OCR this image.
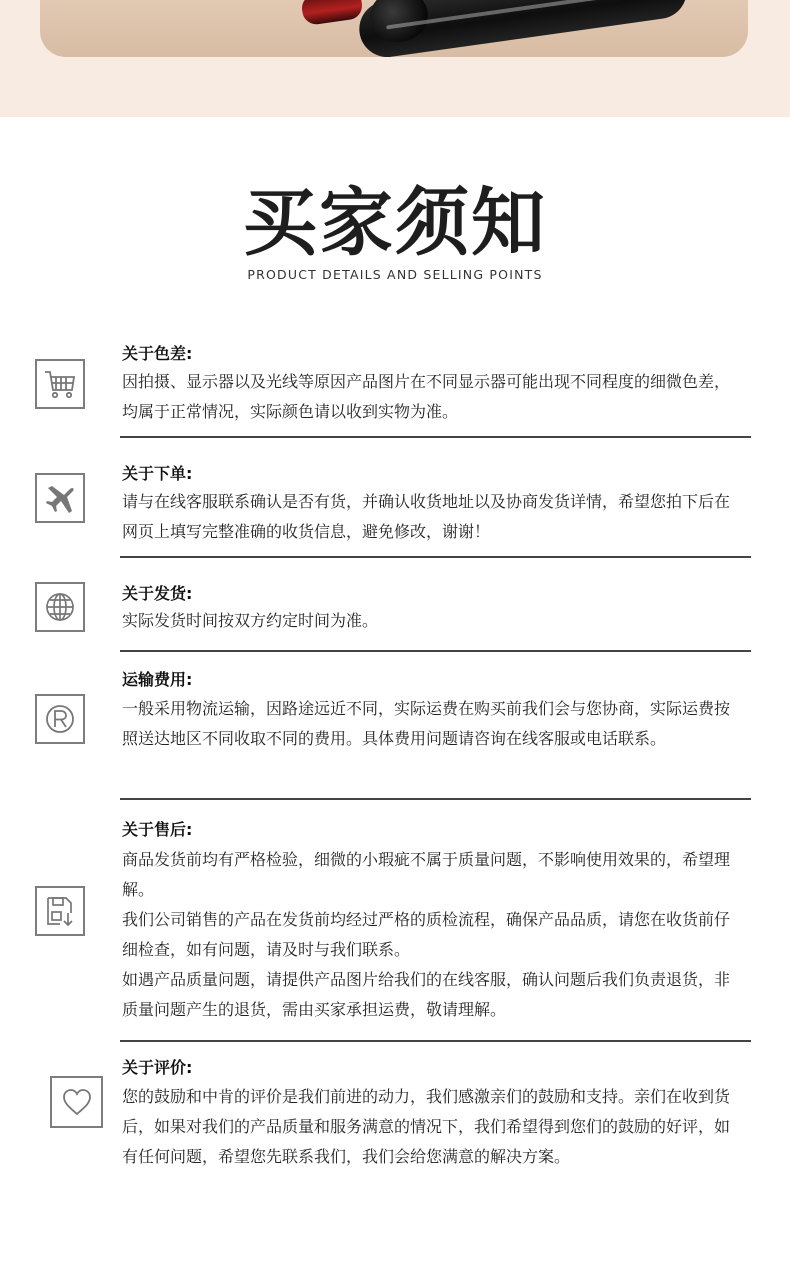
买家须知
PRODUCT DETAILS AND SELLING POINTS
关于色差:

因拍摄、显示器以及光线等原因产品图片在不同显示器可能出现不同程度的细微色差，均属于正常情况，实际颜色请以收到实物为准。

关于下单:

请与在线客服联系确认是否有货，并确认收货地址以及协商发货详情，希望您拍下后在网页上填写完整准确的收货信息，避免修改，谢谢！

关于发货:

实际发货时间按双方约定时间为准。

运输费用:

一般采用物流运输，因路途远近不同，实际运费在购买前我们会与您协商，实际运费按照送达地区不同收取不同的费用。具体费用问题请咨询在线客服或电话联系。

关于售后:

商品发货前均有严格检验，细微的小瑕疵不属于质量问题，不影响使用效果的，希望理解。

我们公司销售的产品在发货前均经过严格的质检流程，确保产品品质，请您在收货前仔细检查，如有问题，请及时与我们联系。

如遇产品质量问题，请提供产品图片给我们的在线客服，确认问题后我们负责退货，非质量问题产生的退货，需由买家承担运费，敬请理解。

关于评价:

您的鼓励和中肯的评价是我们前进的动力，我们感激亲们的鼓励和支持。亲们在收到货后，如果对我们的产品质量和服务满意的情况下，我们希望得到您们的鼓励的好评，如有任何问题，希望您先联系我们，我们会给您满意的解决方案。
